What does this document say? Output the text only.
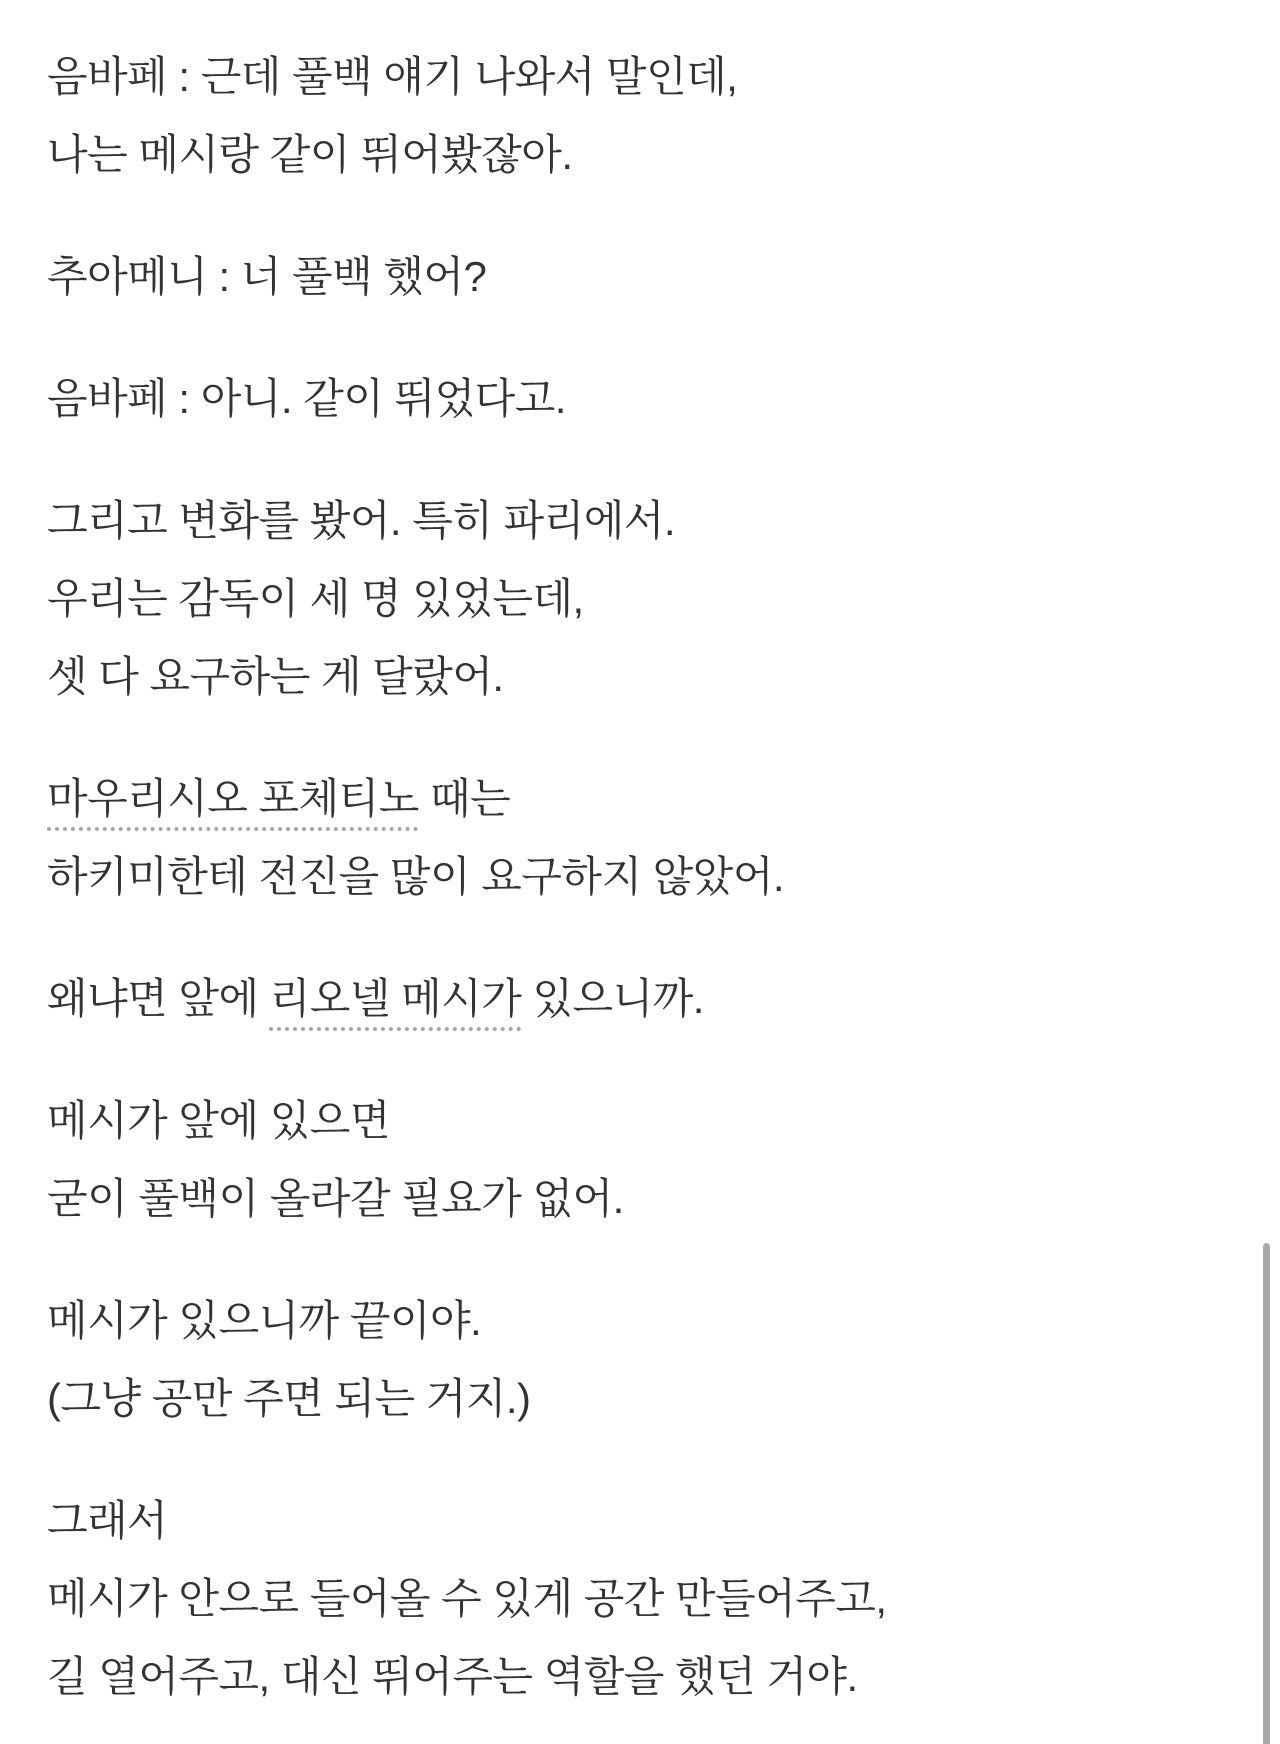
음바페 : 근데 풀백 얘기 나와서 말인데,
나는 메시랑 같이 뛰어봤잖아.

추아메니 : 너 풀백 했어?

음바페 : 아니. 같이 뛰었다고.

그리고 변화를 봤어. 특히 파리에서.
우리는 감독이 세 명 있었는데,
셋 다 요구하는 게 달랐어.

마우리시오 포체티노 때는
하키미한테 전진을 많이 요구하지 않았어.

왜냐면 앞에 리오넬 메시가 있으니까.

메시가 앞에 있으면
굳이 풀백이 올라갈 필요가 없어.

메시가 있으니까 끝이야.
(그냥 공만 주면 되는 거지.)

그래서
메시가 안으로 들어올 수 있게 공간 만들어주고,
길 열어주고, 대신 뛰어주는 역할을 했던 거야.
